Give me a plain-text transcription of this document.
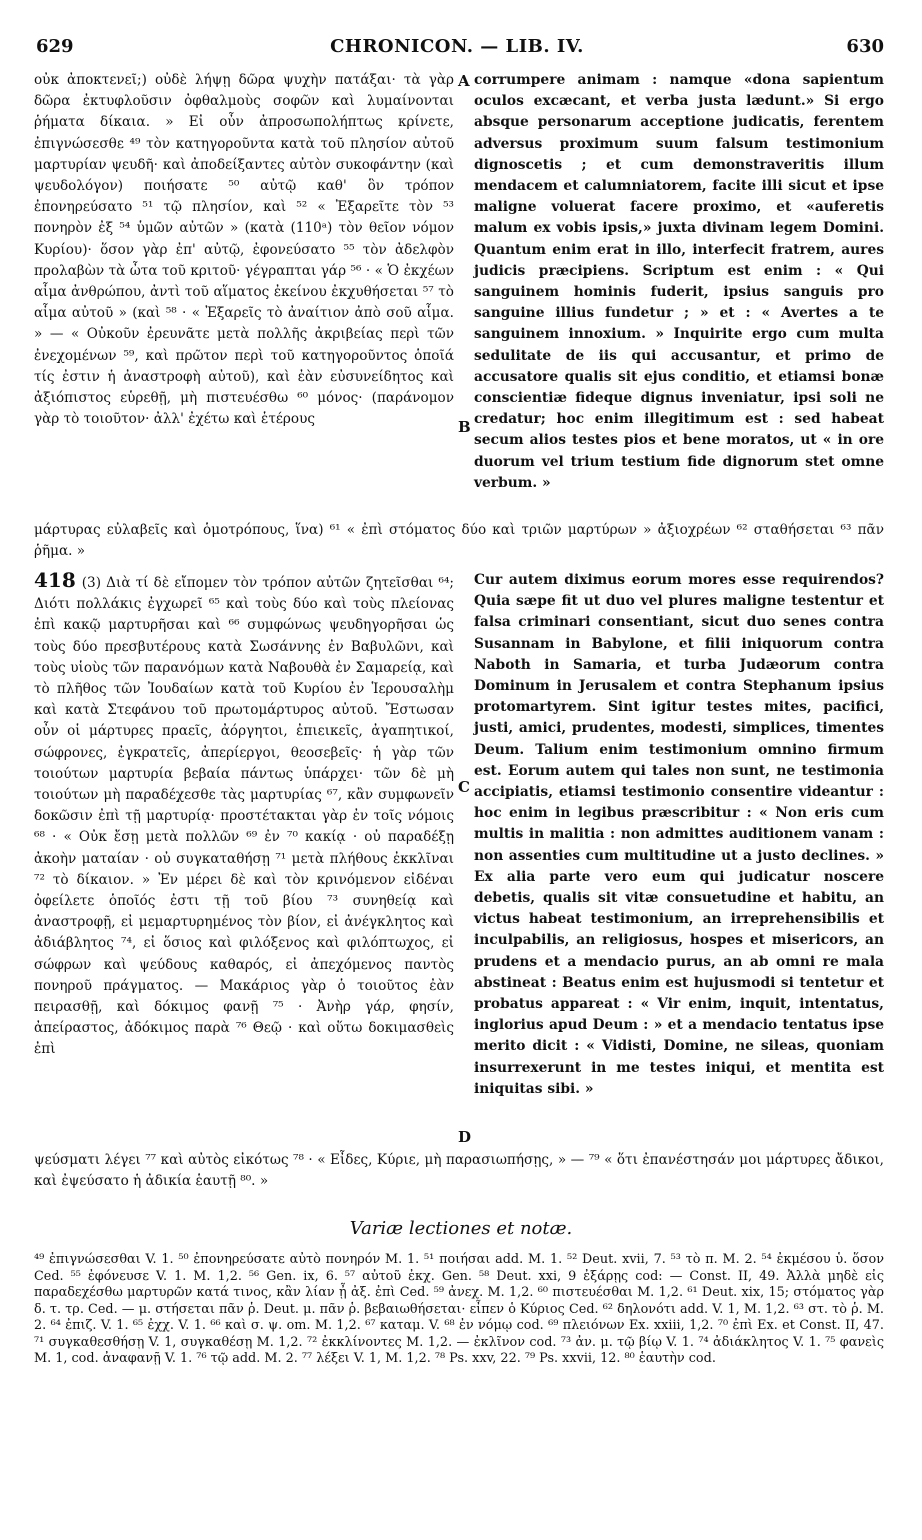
629	CHRONICON. — LIB. IV.	630

οὐκ ἀποκτενεῖ;) οὐδὲ λήψῃ δῶρα ψυχὴν πατάξαι· τὰ γὰρ δῶρα ἐκτυφλοῦσιν ὀφθαλμοὺς σοφῶν καὶ λυμαίνονται ῥήματα δίκαια. » Εἰ οὖν ἀπροσωπολήπτως κρίνετε, ἐπιγνώσεσθε ⁴⁹ τὸν κατηγοροῦντα κατὰ τοῦ πλησίον αὐτοῦ μαρτυρίαν ψευδῆ· καὶ ἀποδείξαντες αὐτὸν συκοφάντην (καὶ ψευδολόγον) ποιήσατε ⁵⁰ αὐτῷ καθ' ὃν τρόπον ἐπονηρεύσατο ⁵¹ τῷ πλησίον, καὶ ⁵² « Ἐξαρεῖτε τὸν ⁵³ πονηρὸν ἐξ ⁵⁴ ὑμῶν αὐτῶν » (κατὰ (110ᵃ) τὸν θεῖον νόμον Κυρίου)· ὅσον γὰρ ἐπ' αὐτῷ, ἐφονεύσατο ⁵⁵ τὸν ἀδελφὸν προλαβὼν τὰ ὦτα τοῦ κριτοῦ· γέγραπται γάρ ⁵⁶ · « Ὁ ἐκχέων αἷμα ἀνθρώπου, ἀντὶ τοῦ αἵματος ἐκείνου ἐκχυθήσεται ⁵⁷ τὸ αἷμα αὐτοῦ » (καὶ ⁵⁸ · « Ἐξαρεῖς τὸ ἀναίτιον ἀπὸ σοῦ αἷμα. » — « Οὐκοῦν ἐρευνᾶτε μετὰ πολλῆς ἀκριβείας περὶ τῶν ἐνεχομένων ⁵⁹, καὶ πρῶτον περὶ τοῦ κατηγοροῦντος ὁποῖά τίς ἐστιν ἡ ἀναστροφὴ αὐτοῦ), καὶ ἐὰν εὐσυνείδητος καὶ ἀξιόπιστος εὑρεθῇ, μὴ πιστευέσθω ⁶⁰ μόνος· (παράνομον γὰρ τὸ τοιοῦτον· ἀλλ' ἐχέτω καὶ ἑτέρους

corrumpere animam : namque «dona sapientum oculos excæcant, et verba justa lædunt.» Si ergo absque personarum acceptione judicatis, ferentem adversus proximum suum falsum testimonium dignoscetis ; et cum demonstraveritis illum mendacem et calumniatorem, facite illi sicut et ipse maligne voluerat facere proximo, et «auferetis malum ex vobis ipsis,» juxta divinam legem Domini. Quantum enim erat in illo, interfecit fratrem, aures judicis præcipiens. Scriptum est enim : « Qui sanguinem hominis fuderit, ipsius sanguis pro sanguine illius fundetur ; » et : « Avertes a te sanguinem innoxium. » Inquirite ergo cum multa sedulitate de iis qui accusantur, et primo de accusatore qualis sit ejus conditio, et etiamsi bonæ conscientiæ fideque dignus inveniatur, ipsi soli ne credatur; hoc enim illegitimum est : sed habeat secum alios testes pios et bene moratos, ut « in ore duorum vel trium testium fide dignorum stet omne verbum. »

A
B

μάρτυρας εὐλαβεῖς καὶ ὁμοτρόπους, ἵνα) ⁶¹ « ἐπὶ στόματος δύο καὶ τριῶν μαρτύρων » ἀξιοχρέων ⁶² σταθήσεται ⁶³ πᾶν ῥῆμα. »

418 (3) Διὰ τί δὲ εἴπομεν τὸν τρόπον αὐτῶν ζητεῖσθαι ⁶⁴; Διότι πολλάκις ἐγχωρεῖ ⁶⁵ καὶ τοὺς δύο καὶ τοὺς πλείονας ἐπὶ κακῷ μαρτυρῆσαι καὶ ⁶⁶ συμφώνως ψευδηγορῆσαι ὡς τοὺς δύο πρεσβυτέρους κατὰ Σωσάννης ἐν Βαβυλῶνι, καὶ τοὺς υἱοὺς τῶν παρανόμων κατὰ Ναβουθὰ ἐν Σαμαρείᾳ, καὶ τὸ πλῆθος τῶν Ἰουδαίων κατὰ τοῦ Κυρίου ἐν Ἱερουσαλὴμ καὶ κατὰ Στεφάνου τοῦ πρωτομάρτυρος αὐτοῦ. Ἔστωσαν οὖν οἱ μάρτυρες πραεῖς, ἀόργητοι, ἐπιεικεῖς, ἀγαπητικοί, σώφρονες, ἐγκρατεῖς, ἀπερίεργοι, θεοσεβεῖς· ἡ γὰρ τῶν τοιούτων μαρτυρία βεβαία πάντως ὑπάρχει· τῶν δὲ μὴ τοιούτων μὴ παραδέχεσθε τὰς μαρτυρίας ⁶⁷, κἂν συμφωνεῖν δοκῶσιν ἐπὶ τῇ μαρτυρίᾳ· προστέτακται γὰρ ἐν τοῖς νόμοις ⁶⁸ · « Οὐκ ἔσῃ μετὰ πολλῶν ⁶⁹ ἐν ⁷⁰ κακίᾳ · οὐ παραδέξῃ ἀκοὴν ματαίαν · οὐ συγκαταθήσῃ ⁷¹ μετὰ πλήθους ἐκκλῖναι ⁷² τὸ δίκαιον. » Ἐν μέρει δὲ καὶ τὸν κρινόμενον εἰδέναι ὀφείλετε ὁποῖός ἐστι τῇ τοῦ βίου ⁷³ συνηθείᾳ καὶ ἀναστροφῇ, εἰ μεμαρτυρημένος τὸν βίον, εἰ ἀνέγκλητος καὶ ἀδιάβλητος ⁷⁴, εἰ ὅσιος καὶ φιλόξενος καὶ φιλόπτωχος, εἰ σώφρων καὶ ψεύδους καθαρός, εἰ ἀπεχόμενος παντὸς πονηροῦ πράγματος. — Μακάριος γὰρ ὁ τοιοῦτος ἐὰν πειρασθῇ, καὶ δόκιμος φανῇ ⁷⁵ · Ἀνὴρ γάρ, φησίν, ἀπείραστος, ἀδόκιμος παρὰ ⁷⁶ Θεῷ · καὶ οὕτω δοκιμασθεὶς ἐπὶ

Cur autem diximus eorum mores esse requirendos? Quia sæpe fit ut duo vel plures maligne testentur et falsa criminari consentiant, sicut duo senes contra Susannam in Babylone, et filii iniquorum contra Naboth in Samaria, et turba Judæorum contra Dominum in Jerusalem et contra Stephanum ipsius protomartyrem. Sint igitur testes mites, pacifici, justi, amici, prudentes, modesti, simplices, timentes Deum. Talium enim testimonium omnino firmum est. Eorum autem qui tales non sunt, ne testimonia accipiatis, etiamsi testimonio consentire videantur : hoc enim in legibus præscribitur : « Non eris cum multis in malitia : non admittes auditionem vanam : non assenties cum multitudine ut a justo declines. » Ex alia parte vero eum qui judicatur noscere debetis, qualis sit vitæ consuetudine et habitu, an victus habeat testimonium, an irreprehensibilis et inculpabilis, an religiosus, hospes et misericors, an prudens et a mendacio purus, an ab omni re mala abstineat : Beatus enim est hujusmodi si tentetur et probatus appareat : « Vir enim, inquit, intentatus, inglorius apud Deum : » et a mendacio tentatus ipse merito dicit : « Vidisti, Domine, ne sileas, quoniam insurrexerunt in me testes iniqui, et mentita est iniquitas sibi. »

C
D

ψεύσματι λέγει ⁷⁷ καὶ αὐτὸς εἰκότως ⁷⁸ · « Εἶδες, Κύριε, μὴ παρασιωπήσῃς, » — ⁷⁹ « ὅτι ἐπανέστησάν μοι μάρτυρες ἄδικοι, καὶ ἐψεύσατο ἡ ἀδικία ἑαυτῇ ⁸⁰. »

Variæ lectiones et notæ.
⁴⁹ ἐπιγνώσεσθαι V. 1. ⁵⁰ ἐπονηρεύσατε αὐτὸ πονηρόν M. 1. ⁵¹ ποιήσαι add. M. 1. ⁵² Deut. xvii, 7. ⁵³ τὸ π. M. 2. ⁵⁴ ἐκμέσου ὑ. ὅσον Ced. ⁵⁵ ἐφόνευσε V. 1. M. 1,2. ⁵⁶ Gen. ix, 6. ⁵⁷ αὐτοῦ ἐκχ. Gen. ⁵⁸ Deut. xxi, 9 ἐξάρῃς cod: — Const. II, 49. Ἀλλὰ μηδὲ εἰς παραδεχέσθω μαρτυρῶν κατά τινος, κἂν λίαν ᾖ ἀξ. ἐπὶ Ced. ⁵⁹ ἀνεχ. M. 1,2. ⁶⁰ πιστευέσθαι M. 1,2. ⁶¹ Deut. xix, 15; στόματος γὰρ δ. τ. τρ. Ced. — μ. στήσεται πᾶν ῥ. Deut. μ. πᾶν ῥ. βεβαιωθήσεται· εἶπεν ὁ Κύριος Ced. ⁶² δηλονότι add. V. 1, M. 1,2. ⁶³ στ. τὸ ῥ. M. 2. ⁶⁴ ἐπιζ. V. 1. ⁶⁵ ἐχχ. V. 1. ⁶⁶ καὶ σ. ψ. om. M. 1,2. ⁶⁷ καταμ. V. ⁶⁸ ἐν νόμῳ cod. ⁶⁹ πλειόνων Ex. xxiii, 1,2. ⁷⁰ ἐπὶ Ex. et Const. II, 47. ⁷¹ συγκαθεσθήσῃ V. 1, συγκαθέσῃ M. 1,2. ⁷² ἐκκλίνοντες M. 1,2. — ἐκλῖνον cod. ⁷³ ἀν. μ. τῷ βίῳ V. 1. ⁷⁴ ἀδιάκλητος V. 1. ⁷⁵ φανεὶς M. 1, cod. ἀναφανῇ V. 1. ⁷⁶ τῷ add. M. 2. ⁷⁷ λέξει V. 1, M. 1,2. ⁷⁸ Ps. xxv, 22. ⁷⁹ Ps. xxvii, 12. ⁸⁰ ἑαυτὴν cod.
